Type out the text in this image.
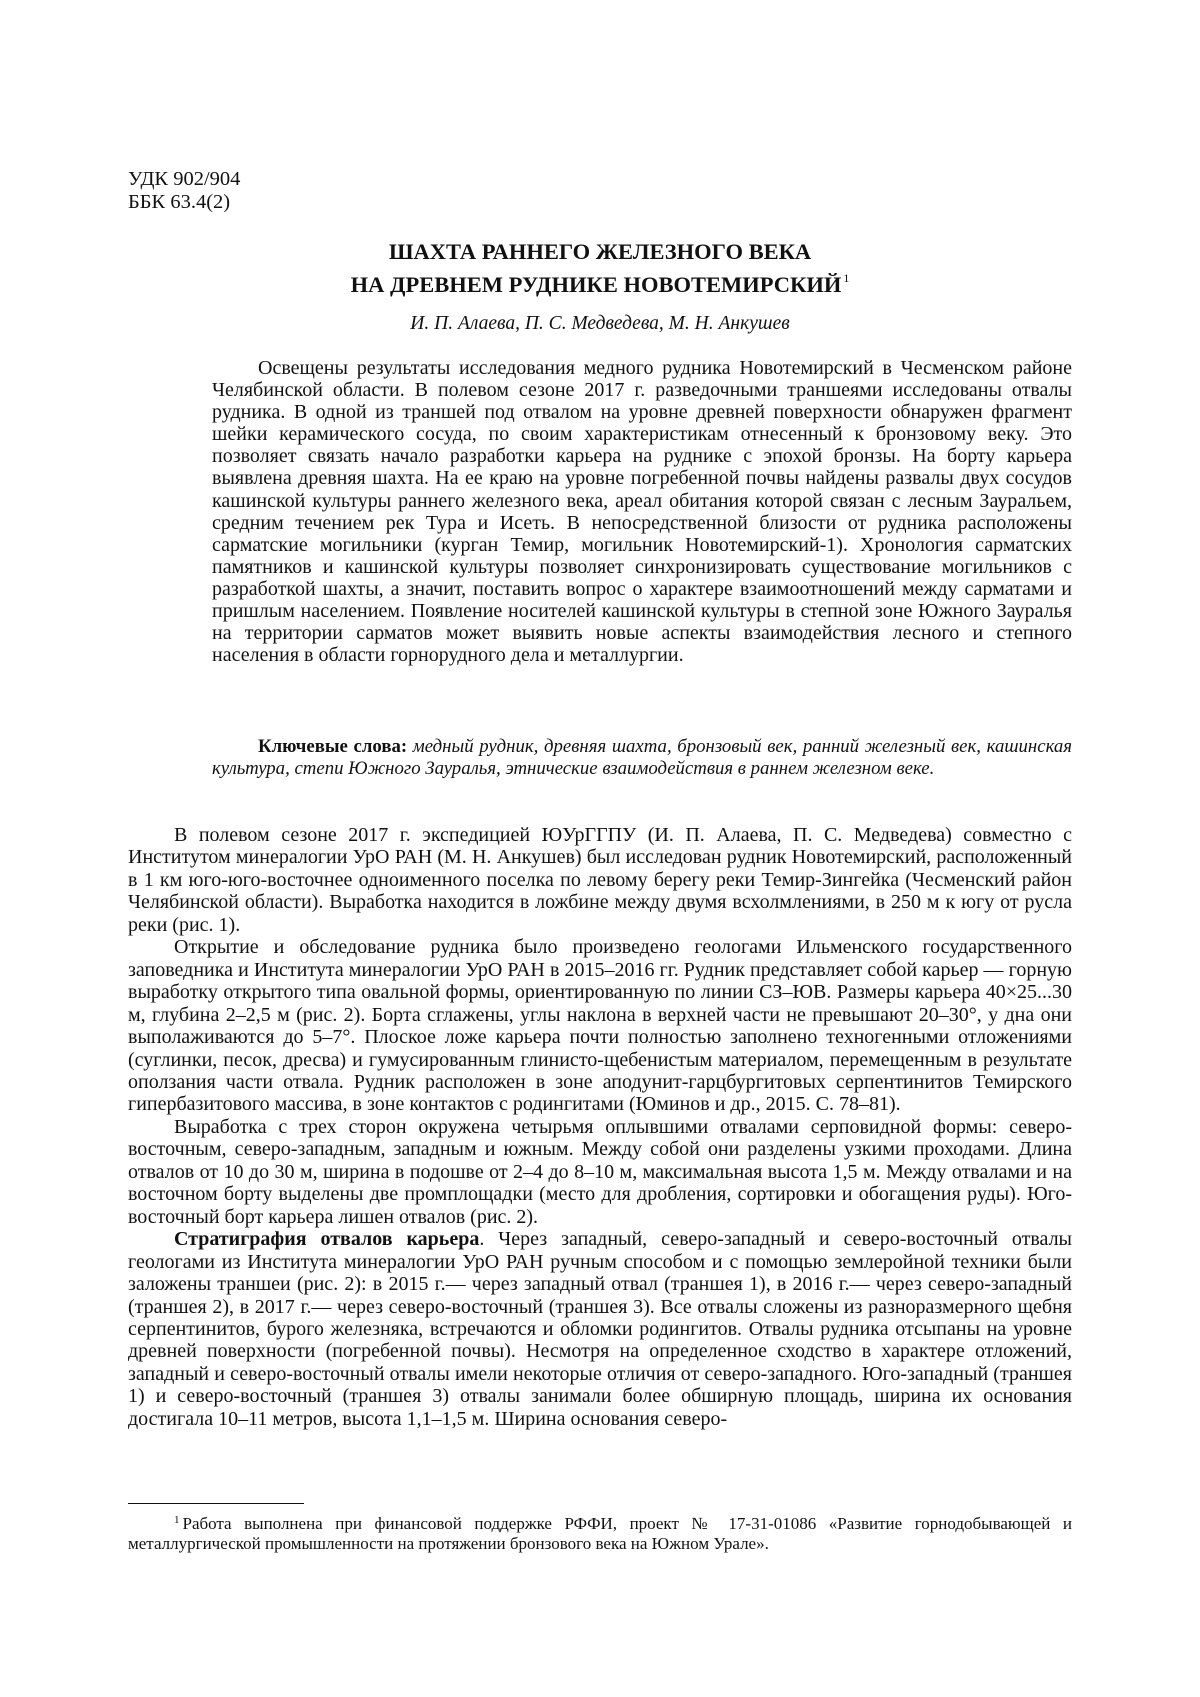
УДК 902/904
ББК 63.4(2)
ШАХТА РАННЕГО ЖЕЛЕЗНОГО ВЕКА
НА ДРЕВНЕМ РУДНИКЕ НОВОТЕМИРСКИЙ $^1$
И. П. Алаева, П. С. Медведева, М. Н. Анкушев

Освещены результаты исследования медного рудника Новотемирский в Чесменском районе Челябинской области. В полевом сезоне 2017 г. разведочными траншеями исследованы отвалы рудника. В одной из траншей под отвалом на уровне древней поверхности обнаружен фрагмент шейки керамического сосуда, по своим характеристикам отнесенный к бронзовому веку. Это позволяет связать начало разработки карьера на руднике с эпохой бронзы. На борту карьера выявлена древняя шахта. На ее краю на уровне погребенной почвы найдены развалы двух сосудов кашинской культуры раннего железного века, ареал обитания которой связан с лесным Зауральем, средним течением рек Тура и Исеть. В непосредственной близости от рудника расположены сарматские могильники (курган Темир, могильник Новотемирский-1). Хронология сарматских памятников и кашинской культуры позволяет синхронизировать существование могильников с разработкой шахты, а значит, поставить вопрос о характере взаимоотношений между сарматами и пришлым населением. Появление носителей кашинской культуры в степной зоне Южного Зауралья на территории сарматов может выявить новые аспекты взаимодействия лесного и степного населения в области горнорудного дела и металлургии.

Ключевые слова: медный рудник, древняя шахта, бронзовый век, ранний железный век, кашинская культура, степи Южного Зауралья, этнические взаимодействия в раннем железном веке.

В полевом сезоне 2017 г. экспедицией ЮУрГГПУ (И. П. Алаева, П. С. Медведева) совместно с Институтом минералогии УрО РАН (М. Н. Анкушев) был исследован рудник Новотемирский, расположенный в 1 км юго-юго-восточнее одноименного поселка по левому берегу реки Темир-Зингейка (Чесменский район Челябинской области). Выработка находится в ложбине между двумя всхолмлениями, в 250 м к югу от русла реки (рис. 1).

Открытие и обследование рудника было произведено геологами Ильменского государственного заповедника и Института минералогии УрО РАН в 2015–2016 гг. Рудник представляет собой карьер — горную выработку открытого типа овальной формы, ориентированную по линии СЗ–ЮВ. Размеры карьера 40×25...30 м, глубина 2–2,5 м (рис. 2). Борта сглажены, углы наклона в верхней части не превышают 20–30°, у дна они выполаживаются до 5–7°. Плоское ложе карьера почти полностью заполнено техногенными отложениями (суглинки, песок, дресва) и гумусированным глинисто-щебенистым материалом, перемещенным в результате оползания части отвала. Рудник расположен в зоне аподунит-гарцбургитовых серпентинитов Темирского гипербазитового массива, в зоне контактов с родингитами (Юминов и др., 2015. С. 78–81).

Выработка с трех сторон окружена четырьмя оплывшими отвалами серповидной формы: северо-восточным, северо-западным, западным и южным. Между собой они разделены узкими проходами. Длина отвалов от 10 до 30 м, ширина в подошве от 2–4 до 8–10 м, максимальная высота 1,5 м. Между отвалами и на восточном борту выделены две промплощадки (место для дробления, сортировки и обогащения руды). Юго-восточный борт карьера лишен отвалов (рис. 2).

Стратиграфия отвалов карьера. Через западный, северо-западный и северо-восточный отвалы геологами из Института минералогии УрО РАН ручным способом и с помощью землеройной техники были заложены траншеи (рис. 2): в 2015 г.— через западный отвал (траншея 1), в 2016 г.— через северо-западный (траншея 2), в 2017 г.— через северо-восточный (траншея 3). Все отвалы сложены из разноразмерного щебня серпентинитов, бурого железняка, встречаются и обломки родингитов. Отвалы рудника отсыпаны на уровне древней поверхности (погребенной почвы). Несмотря на определенное сходство в характере отложений, западный и северо-восточный отвалы имели некоторые отличия от северо-западного. Юго-западный (траншея 1) и северо-восточный (траншея 3) отвалы занимали более обширную площадь, ширина их основания достигала 10–11 метров, высота 1,1–1,5 м. Ширина основания северо-

$^1$ Работа выполнена при финансовой поддержке РФФИ, проект № 17-31-01086 «Развитие горнодобывающей и металлургической промышленности на протяжении бронзового века на Южном Урале».
